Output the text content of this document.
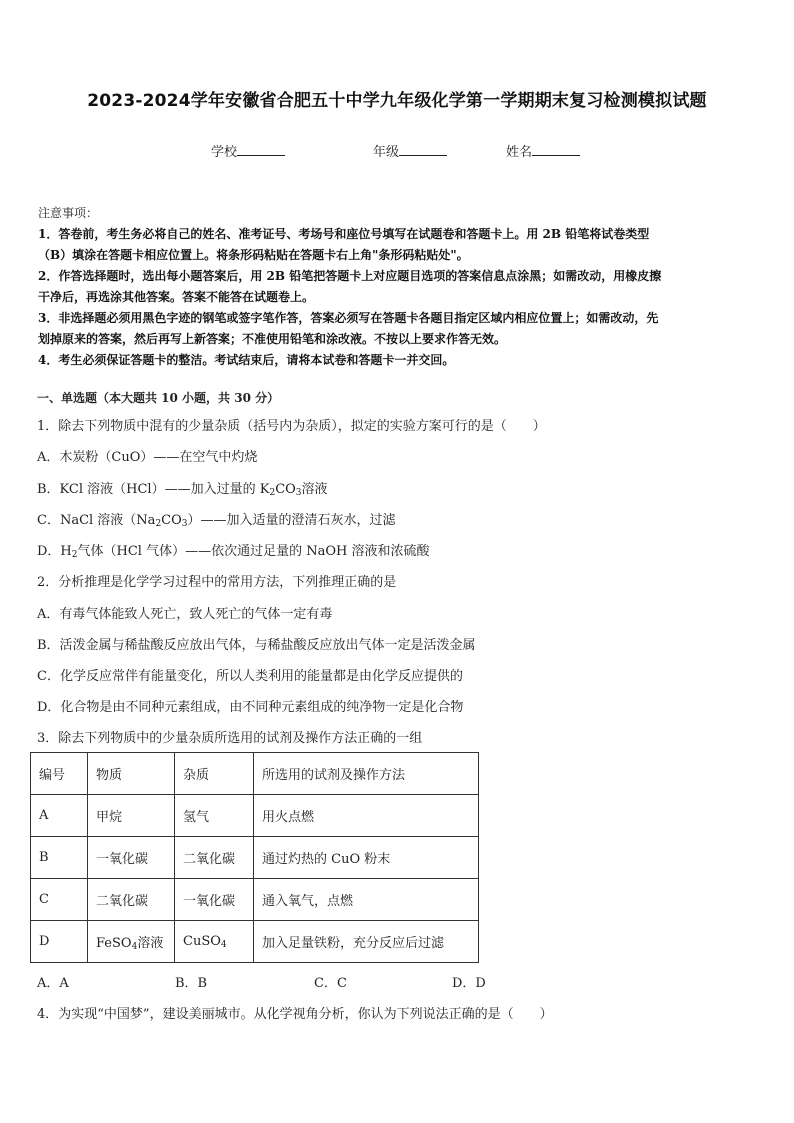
2023-2024学年安徽省合肥五十中学九年级化学第一学期期末复习检测模拟试题
学校	年级	姓名
注意事项：
1．答卷前，考生务必将自己的姓名、准考证号、考场号和座位号填写在试题卷和答题卡上。用 2B 铅笔将试卷类型
（B）填涂在答题卡相应位置上。将条形码粘贴在答题卡右上角"条形码粘贴处"。
2．作答选择题时，选出每小题答案后，用 2B 铅笔把答题卡上对应题目选项的答案信息点涂黑；如需改动，用橡皮擦
干净后，再选涂其他答案。答案不能答在试题卷上。
3．非选择题必须用黑色字迹的钢笔或签字笔作答，答案必须写在答题卡各题目指定区域内相应位置上；如需改动，先
划掉原来的答案，然后再写上新答案；不准使用铅笔和涂改液。不按以上要求作答无效。
4．考生必须保证答题卡的整洁。考试结束后，请将本试卷和答题卡一并交回。
一、单选题（本大题共 10 小题，共 30 分）
1．除去下列物质中混有的少量杂质（括号内为杂质），拟定的实验方案可行的是（　　）
A．木炭粉（CuO）——在空气中灼烧
B．KCl 溶液（HCl）——加入过量的 $K_2CO_3$溶液
C．NaCl 溶液$(Na_2CO_3)——$加入适量的澄清石灰水，过滤
D．$H_2$气体（HCl 气体）——依次通过足量的 NaOH 溶液和浓硫酸
2．分析推理是化学学习过程中的常用方法，下列推理正确的是
A．有毒气体能致人死亡，致人死亡的气体一定有毒
B．活泼金属与稀盐酸反应放出气体，与稀盐酸反应放出气体一定是活泼金属
C．化学反应常伴有能量变化，所以人类利用的能量都是由化学反应提供的
D．化合物是由不同种元素组成，由不同种元素组成的纯净物一定是化合物
3．除去下列物质中的少量杂质所选用的试剂及操作方法正确的一组
编号	物质	杂质	所选用的试剂及操作方法
A	甲烷	氢气	用火点燃
B	一氧化碳	二氧化碳	通过灼热的 CuO 粉末
C	二氧化碳	一氧化碳	通入氧气，点燃
D	FeSO$_4$溶液	CuSO$_4$	加入足量铁粉，充分反应后过滤
A．A	B．B	C．C	D．D
4．为实现“中国梦”，建设美丽城市。从化学视角分析，你认为下列说法正确的是（　　）
